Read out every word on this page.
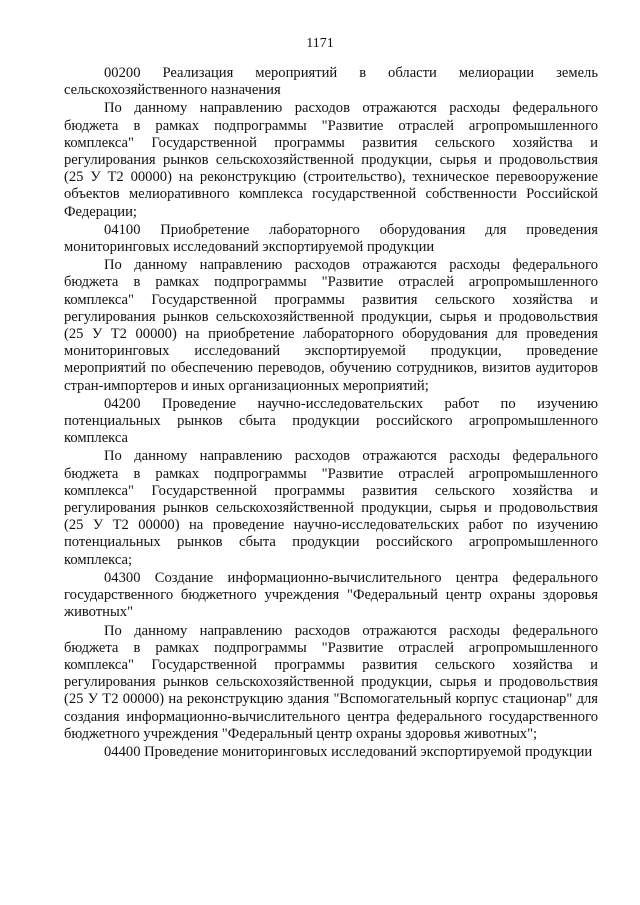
1171

00200 Реализация мероприятий в области мелиорации земель сельскохозяйственного назначения

По данному направлению расходов отражаются расходы федерального бюджета в рамках подпрограммы "Развитие отраслей агропромышленного комплекса" Государственной программы развития сельского хозяйства и регулирования рынков сельскохозяйственной продукции, сырья и продовольствия (25 У Т2 00000) на реконструкцию (строительство), техническое перевооружение объектов мелиоративного комплекса государственной собственности Российской Федерации;

04100 Приобретение лабораторного оборудования для проведения мониторинговых исследований экспортируемой продукции

По данному направлению расходов отражаются расходы федерального бюджета в рамках подпрограммы "Развитие отраслей агропромышленного комплекса" Государственной программы развития сельского хозяйства и регулирования рынков сельскохозяйственной продукции, сырья и продовольствия (25 У Т2 00000) на приобретение лабораторного оборудования для проведения мониторинговых исследований экспортируемой продукции, проведение мероприятий по обеспечению переводов, обучению сотрудников, визитов аудиторов стран-импортеров и иных организационных мероприятий;

04200 Проведение научно-исследовательских работ по изучению потенциальных рынков сбыта продукции российского агропромышленного комплекса

По данному направлению расходов отражаются расходы федерального бюджета в рамках подпрограммы "Развитие отраслей агропромышленного комплекса" Государственной программы развития сельского хозяйства и регулирования рынков сельскохозяйственной продукции, сырья и продовольствия (25 У Т2 00000) на проведение научно-исследовательских работ по изучению потенциальных рынков сбыта продукции российского агропромышленного комплекса;

04300 Создание информационно-вычислительного центра федерального государственного бюджетного учреждения "Федеральный центр охраны здоровья животных"

По данному направлению расходов отражаются расходы федерального бюджета в рамках подпрограммы "Развитие отраслей агропромышленного комплекса" Государственной программы развития сельского хозяйства и регулирования рынков сельскохозяйственной продукции, сырья и продовольствия (25 У Т2 00000) на реконструкцию здания "Вспомогательный корпус стационар" для создания информационно-вычислительного центра федерального государственного бюджетного учреждения "Федеральный центр охраны здоровья животных";

04400 Проведение мониторинговых исследований экспортируемой продукции
